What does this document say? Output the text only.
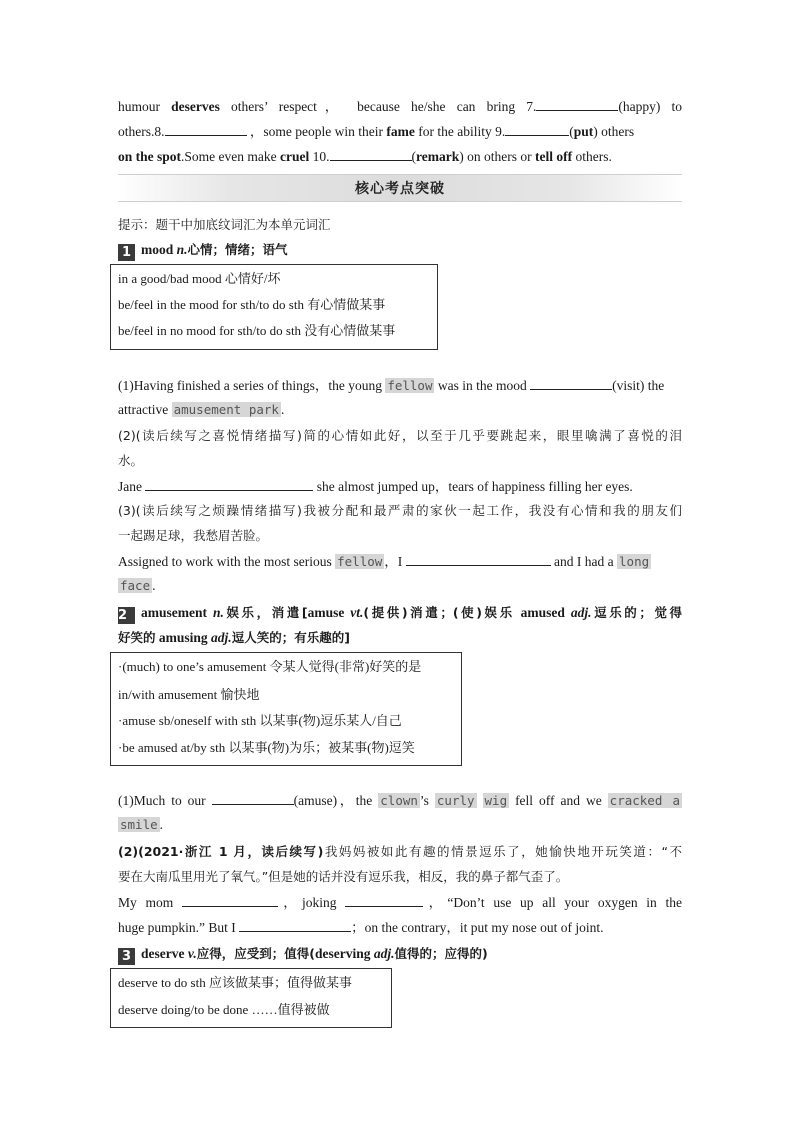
humour deserves others’ respect， because he/she can bring 7.	(happy) to
others.8.	，some people win their fame for the ability 9.	(put) others
on the spot.Some even make cruel 10.	(remark) on others or tell off others.
核心考点突破
提示：题干中加底纹词汇为本单元词汇
1 mood n.心情；情绪；语气
in a good/bad mood 心情好/坏
be/feel in the mood for sth/to do sth 有心情做某事
be/feel in no mood for sth/to do sth 没有心情做某事
(1)Having finished a series of things，the young fellow was in the mood	(visit) the
attractive amusement park .
(2)(读后续写之喜悦情绪描写)简的心情如此好，以至于几乎要跳起来，眼里噙满了喜悦的泪
水。
Jane	she almost jumped up，tears of happiness filling her eyes.
(3)(读后续写之烦躁情绪描写)我被分配和最严肃的家伙一起工作，我没有心情和我的朋友们
一起踢足球，我愁眉苦脸。
Assigned to work with the most serious fellow ，I	and I had a long
face .
2 amusement n.娱乐，消遣[amuse vt.(提供)消遣；(使)娱乐 amused adj.逗乐的；觉得
好笑的 amusing adj.逗人笑的；有乐趣的]
·(much) to one’s amusement 令某人觉得(非常)好笑的是
in/with amusement 愉快地
·amuse sb/oneself with sth 以某事(物)逗乐某人/自己
·be amused at/by sth 以某事(物)为乐；被某事(物)逗笑
(1)Much to our	(amuse)，the clown ’s curly wig fell off and we cracked a
smile .
(2)(2021·浙江 1 月，读后续写)我妈妈被如此有趣的情景逗乐了，她愉快地开玩笑道：“不
要在大南瓜里用光了氧气。”但是她的话并没有逗乐我，相反，我的鼻子都气歪了。
My mom	，joking	，“Don’t use up all your oxygen in the
huge pumpkin.” But I	；on the contrary，it put my nose out of joint.
3 deserve v.应得，应受到；值得(deserving adj.值得的；应得的)
deserve to do sth 应该做某事；值得做某事
deserve doing/to be done ……值得被做
